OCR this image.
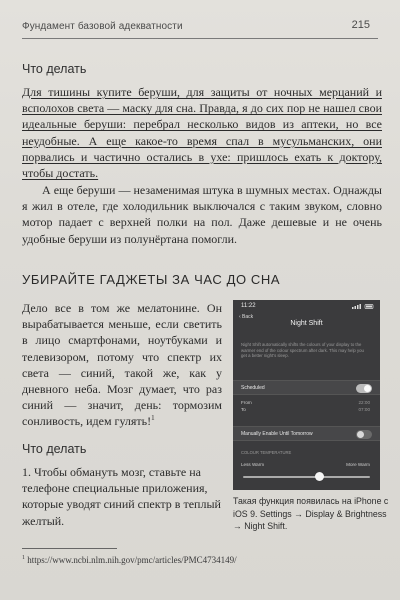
Фундамент базовой адекватности	215
Что делать

Для тишины купите беруши, для защиты от ночных мерцаний и всполохов света — маску для сна. Правда, я до сих пор не нашел свои идеальные беруши: перебрал несколько видов из аптеки, но все неудобные. А еще какое-то время спал в мусульманских, они порвались и частично остались в ухе: пришлось ехать к доктору, чтобы достать.

А еще беруши — незаменимая штука в шумных местах. Однажды я жил в отеле, где холодильник выключался с таким звуком, словно мотор падает с верхней полки на пол. Даже дешевые и не очень удобные беруши из полунёртана помогли.

УБИРАЙТЕ ГАДЖЕТЫ ЗА ЧАС ДО СНА

Дело все в том же мелатонине. Он вырабатывается меньше, если светить в лицо смартфонами, ноутбуками и телевизором, потому что спектр их света — синий, такой же, как у дневного неба. Мозг думает, что раз синий — значит, день: тормозим сонливость, идем гулять!$^1$

Что делать

1. Чтобы обмануть мозг, ставьте на телефоне специальные приложения, которые уводят синий спектр в теплый желтый.

11:22
‹ Back
Night Shift
Night Shift automatically shifts the colours of your display to the warmer end of the colour spectrum after dark. This may help you get a better night's sleep.
Scheduled
From	22:00
To	07:00
Manually Enable Until Tomorrow
COLOUR TEMPERATURE
Less Warm	More Warm
Такая функция появилась на iPhone с iOS 9. Settings → Display & Brightness → Night Shift.
$^1$ https://www.ncbi.nlm.nih.gov/pmc/articles/PMC4734149/
